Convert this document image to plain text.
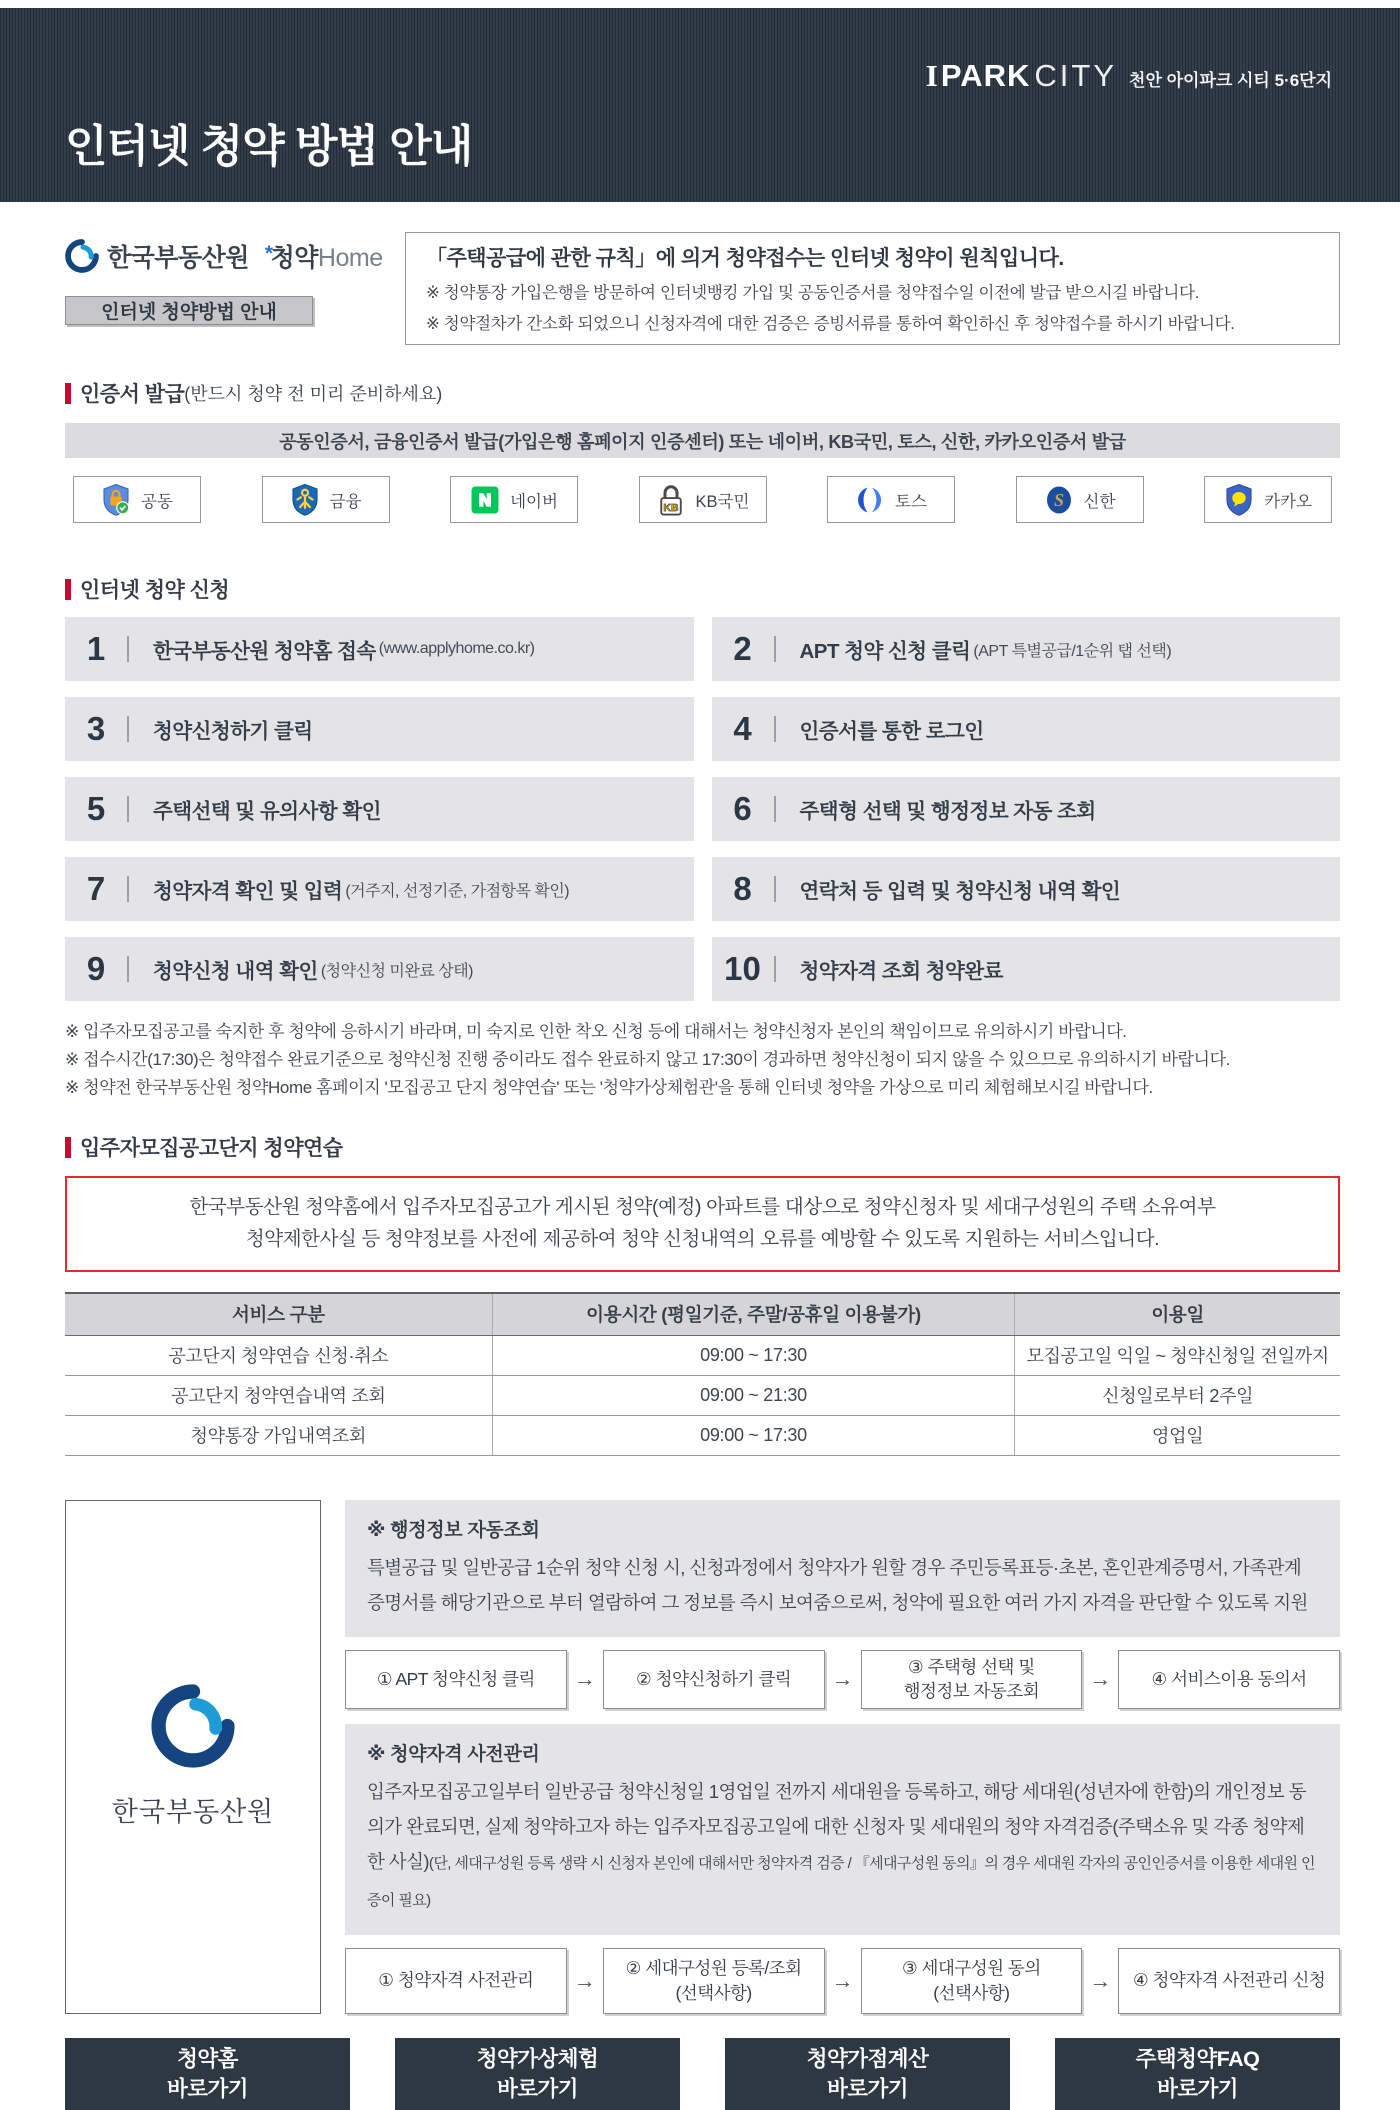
인터넷 청약 방법 안내
IPARK CITY 천안 아이파크 시티 5·6단지
한국부동산원 *청약Home
인터넷 청약방법 안내
「주택공급에 관한 규칙」에 의거 청약접수는 인터넷 청약이 원칙입니다.
※ 청약통장 가입은행을 방문하여 인터넷뱅킹 가입 및 공동인증서를 청약접수일 이전에 발급 받으시길 바랍니다.
※ 청약절차가 간소화 되었으니 신청자격에 대한 검증은 증빙서류를 통하여 확인하신 후 청약접수를 하시기 바랍니다.
인증서 발급 (반드시 청약 전 미리 준비하세요)
공동인증서, 금융인증서 발급(가입은행 홈페이지 인증센터) 또는 네이버, KB국민, 토스, 신한, 카카오인증서 발급
공동	금융	네이버	KB KB국민	토스	S 신한	카카오
인터넷 청약 신청
1	한국부동산원 청약홈 접속 (www.applyhome.co.kr)	2	APT 청약 신청 클릭 (APT 특별공급/1순위 탭 선택)
3	청약신청하기 클릭	4	인증서를 통한 로그인
5	주택선택 및 유의사항 확인	6	주택형 선택 및 행정정보 자동 조회
7	청약자격 확인 및 입력 (거주지, 선정기준, 가점항목 확인)	8	연락처 등 입력 및 청약신청 내역 확인
9	청약신청 내역 확인 (청약신청 미완료 상태)	10	청약자격 조회 청약완료
※ 입주자모집공고를 숙지한 후 청약에 응하시기 바라며, 미 숙지로 인한 착오 신청 등에 대해서는 청약신청자 본인의 책임이므로 유의하시기 바랍니다.
※ 접수시간(17:30)은 청약접수 완료기준으로 청약신청 진행 중이라도 접수 완료하지 않고 17:30이 경과하면 청약신청이 되지 않을 수 있으므로 유의하시기 바랍니다.
※ 청약전 한국부동산원 청약Home 홈페이지 '모집공고 단지 청약연습' 또는 '청약가상체험관'을 통해 인터넷 청약을 가상으로 미리 체험해보시길 바랍니다.
입주자모집공고단지 청약연습
한국부동산원 청약홈에서 입주자모집공고가 게시된 청약(예정) 아파트를 대상으로 청약신청자 및 세대구성원의 주택 소유여부
청약제한사실 등 청약정보를 사전에 제공하여 청약 신청내역의 오류를 예방할 수 있도록 지원하는 서비스입니다.
서비스 구분	이용시간 (평일기준, 주말/공휴일 이용불가)	이용일
공고단지 청약연습 신청·취소	09:00 ~ 17:30	모집공고일 익일 ~ 청약신청일 전일까지
공고단지 청약연습내역 조회	09:00 ~ 21:30	신청일로부터 2주일
청약통장 가입내역조회	09:00 ~ 17:30	영업일
한국부동산원
※ 행정정보 자동조회
특별공급 및 일반공급 1순위 청약 신청 시, 신청과정에서 청약자가 원할 경우 주민등록표등·초본, 혼인관계증명서, 가족관계증명서를 해당기관으로 부터 열람하여 그 정보를 즉시 보여줌으로써, 청약에 필요한 여러 가지 자격을 판단할 수 있도록 지원
① APT 청약신청 클릭	→	② 청약신청하기 클릭	→	③ 주택형 선택 및
행정정보 자동조회	→	④ 서비스이용 동의서
※ 청약자격 사전관리
입주자모집공고일부터 일반공급 청약신청일 1영업일 전까지 세대원을 등록하고, 해당 세대원(성년자에 한함)의 개인정보 동의가 완료되면, 실제 청약하고자 하는 입주자모집공고일에 대한 신청자 및 세대원의 청약 자격검증(주택소유 및 각종 청약제한 사실)(단, 세대구성원 등록 생략 시 신청자 본인에 대해서만 청약자격 검증 / 『세대구성원 동의』의 경우 세대원 각자의 공인인증서를 이용한 세대원 인증이 필요)
① 청약자격 사전관리	→	② 세대구성원 등록/조회
(선택사항)	→	③ 세대구성원 동의
(선택사항)	→	④ 청약자격 사전관리 신청
청약홈
바로가기
청약가상체험
바로가기
청약가점계산
바로가기
주택청약FAQ
바로가기
